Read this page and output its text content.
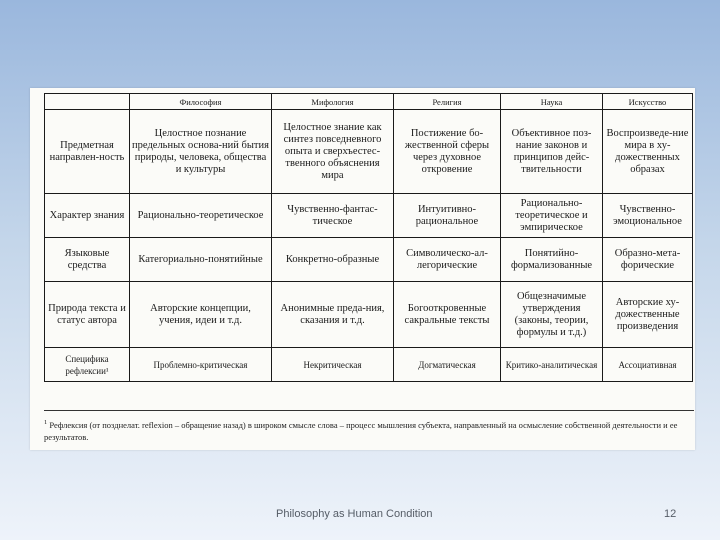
	Философия	Мифология	Религия	Наука	Искусство
Предметная направлен-ность	Целостное познание предельных основа-ний бытия природы, человека, общества и культуры	Целостное знание как синтез повседневного опыта и сверхъестес-твенного объяснения мира	Постижение бо-жественной сферы через духовное откровение	Объективное поз-нание законов и принципов дейс-твительности	Воспроизведе-ние мира в ху-дожественных образах
Характер знания	Рационально-теоретическое	Чувственно-фантас-тическое	Интуитивно-рациональное	Рационально-теоретическое и эмпирическое	Чувственно-эмоциональное
Языковые средства	Категориально-понятийные	Конкретно-образные	Символическо-ал-легорические	Понятийно-формализованные	Образно-мета-форические
Природа текста и статус автора	Авторские концепции, учения, идеи и т.д.	Анонимные преда-ния, сказания и т.д.	Богооткровенные сакральные тексты	Общезначимые утверждения (законы, теории, формулы и т.д.)	Авторские ху-дожественные произведения
Специфика рефлексии¹	Проблемно-критическая	Некритическая	Догматическая	Критико-аналитическая	Ассоциативная
$^1$ Рефлексия (от позднелат. reflexion – обращение назад) в широком смысле слова – процесс мышления субъекта, направленный на осмысление собственной деятельности и ее результатов.
Philosophy as Human Condition	12
